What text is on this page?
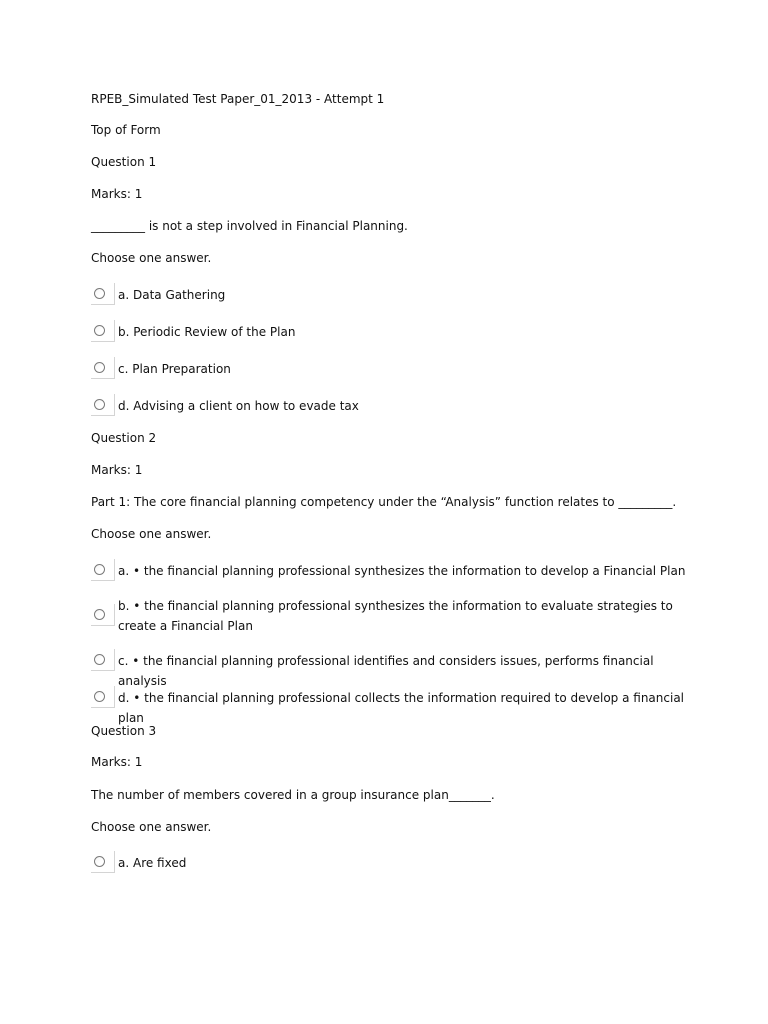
RPEB_Simulated Test Paper_01_2013 - Attempt 1
Top of Form
Question 1
Marks: 1
_________ is not a step involved in Financial Planning.
Choose one answer.
a. Data Gathering
b. Periodic Review of the Plan
c. Plan Preparation
d. Advising a client on how to evade tax
Question 2
Marks: 1
Part 1: The core financial planning competency under the “Analysis” function relates to _________.
Choose one answer.
a. • the financial planning professional synthesizes the information to develop a Financial Plan
b. • the financial planning professional synthesizes the information to evaluate strategies to create a Financial Plan
c. • the financial planning professional identifies and considers issues, performs financial analysis
d. • the financial planning professional collects the information required to develop a financial plan
Question 3
Marks: 1
The number of members covered in a group insurance plan_______.
Choose one answer.
a. Are fixed
